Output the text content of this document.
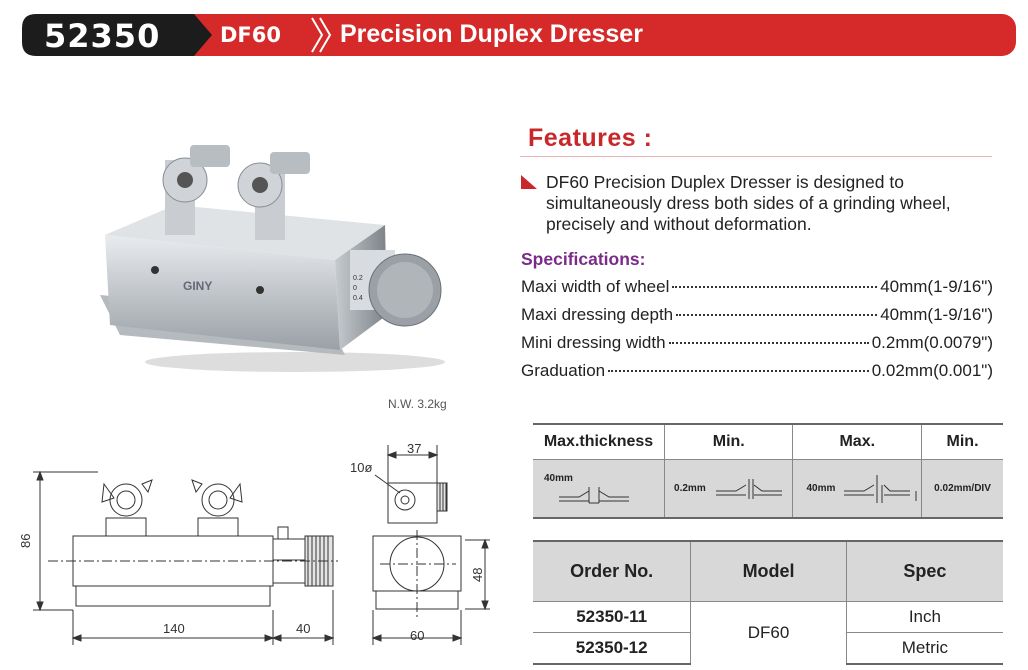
52350	DF60 Precision Duplex Dresser
GINY
0.2
0
0.4
N.W. 3.2kg
Features :
DF60 Precision Duplex Dresser is designed to simultaneously dress both sides of a grinding wheel, precisely and without deformation.
Specifications:
Maxi width of wheel	40mm(1-9/16")
Maxi dressing depth	40mm(1-9/16")
Mini dressing width	0.2mm(0.0079")
Graduation	0.02mm(0.001")
86
140	40
37
10ø
48
60
Max.thickness	Min.	Max.	Min.

40mm	0.2mm	40mm	0.02mm/DIV
Order No.	Model	Spec
52350-11	DF60	Inch
52350-12		Metric
